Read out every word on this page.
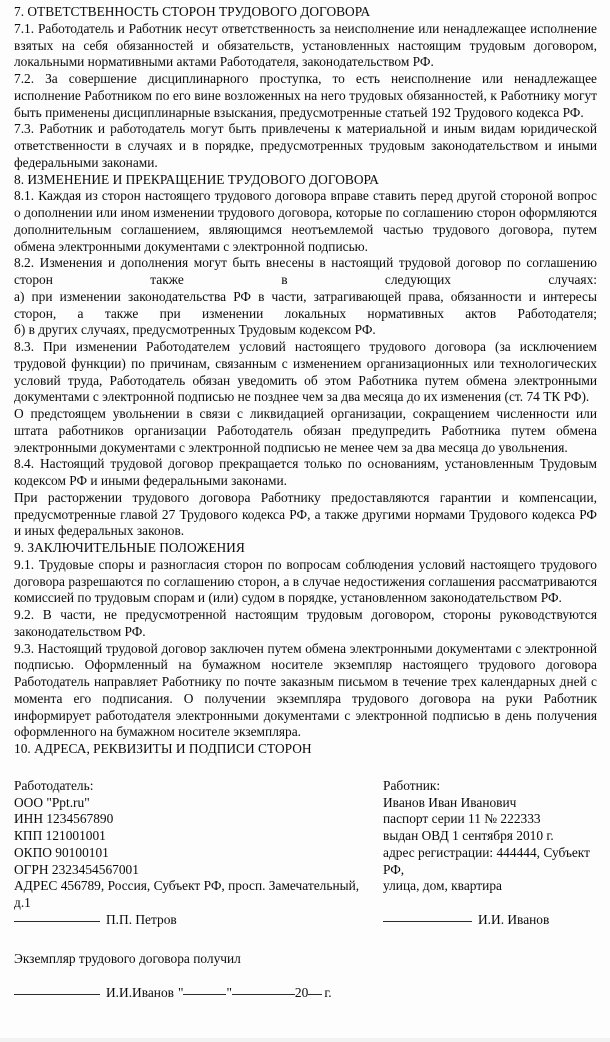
7. ОТВЕТСТВЕННОСТЬ СТОРОН ТРУДОВОГО ДОГОВОРА

7.1. Работодатель и Работник несут ответственность за неисполнение или ненадлежащее исполнение взятых на себя обязанностей и обязательств, установленных настоящим трудовым договором, локальными нормативными актами Работодателя, законодательством РФ.

7.2. За совершение дисциплинарного проступка, то есть неисполнение или ненадлежащее исполнение Работником по его вине возложенных на него трудовых обязанностей, к Работнику могут быть применены дисциплинарные взыскания, предусмотренные статьей 192 Трудового кодекса РФ.

7.3. Работник и работодатель могут быть привлечены к материальной и иным видам юридической ответственности в случаях и в порядке, предусмотренных трудовым законодательством и иными федеральными законами.

8. ИЗМЕНЕНИЕ И ПРЕКРАЩЕНИЕ ТРУДОВОГО ДОГОВОРА

8.1. Каждая из сторон настоящего трудового договора вправе ставить перед другой стороной вопрос о дополнении или ином изменении трудового договора, которые по соглашению сторон оформляются дополнительным соглашением, являющимся неотъемлемой частью трудового договора, путем обмена электронными документами с электронной подписью.

8.2. Изменения и дополнения могут быть внесены в настоящий трудовой договор по соглашению сторон также в следующих случаях:

а) при изменении законодательства РФ в части, затрагивающей права, обязанности и интересы сторон, а также при изменении локальных нормативных актов Работодателя;

б) в других случаях, предусмотренных Трудовым кодексом РФ.

8.3. При изменении Работодателем условий настоящего трудового договора (за исключением трудовой функции) по причинам, связанным с изменением организационных или технологических условий труда, Работодатель обязан уведомить об этом Работника путем обмена электронными документами с электронной подписью не позднее чем за два месяца до их изменения (ст. 74 ТК РФ).

О предстоящем увольнении в связи с ликвидацией организации, сокращением численности или штата работников организации Работодатель обязан предупредить Работника путем обмена электронными документами с электронной подписью не менее чем за два месяца до увольнения.

8.4. Настоящий трудовой договор прекращается только по основаниям, установленным Трудовым кодексом РФ и иными федеральными законами.

При расторжении трудового договора Работнику предоставляются гарантии и компенсации, предусмотренные главой 27 Трудового кодекса РФ, а также другими нормами Трудового кодекса РФ и иных федеральных законов.

9. ЗАКЛЮЧИТЕЛЬНЫЕ ПОЛОЖЕНИЯ

9.1. Трудовые споры и разногласия сторон по вопросам соблюдения условий настоящего трудового договора разрешаются по соглашению сторон, а в случае недостижения соглашения рассматриваются комиссией по трудовым спорам и (или) судом в порядке, установленном законодательством РФ.

9.2. В части, не предусмотренной настоящим трудовым договором, стороны руководствуются законодательством РФ.

9.3. Настоящий трудовой договор заключен путем обмена электронными документами с электронной подписью. Оформленный на бумажном носителе экземпляр настоящего трудового договора Работодатель направляет Работнику по почте заказным письмом в течение трех календарных дней с момента его подписания. О получении экземпляра трудового договора на руки Работник информирует работодателя электронными документами с электронной подписью в день получения оформленного на бумажном носителе экземпляра.

10. АДРЕСА, РЕКВИЗИТЫ И ПОДПИСИ СТОРОН
Работодатель:
ООО "Ppt.ru"
ИНН 1234567890
КПП 121001001
ОКПО 90100101
ОГРН 2323454567001
АДРЕС 456789, Россия, Субъект РФ, просп. Замечательный, д.1
Работник:
Иванов Иван Иванович
паспорт серии 11 № 222333
выдан ОВД 1 сентября 2010 г.
адрес регистрации: 444444, Субъект РФ,
улица, дом, квартира
П.П. Петров	И.И. Иванов

Экземпляр трудового договора получил

И.И.Иванов "	"	20 г.
